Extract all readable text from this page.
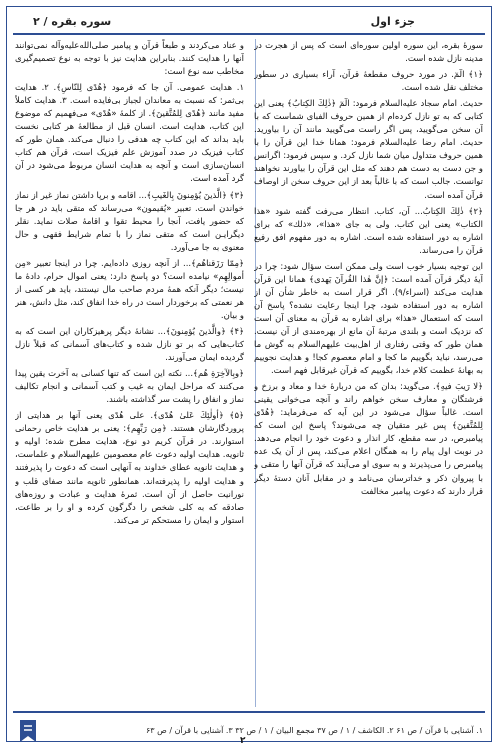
جزء اول
سوره بقره / ۲

سورهٔ بقره، این سوره اولین سوره‌ای است که پس از هجرت در مدینه نازل شده است.

﴿۱﴾ الٓمٓ. در مورد حروف مقطعهٔ قرآن، آراء بسیاری در سطور مختلف نقل شده است.

حدیث. امام سجاد علیه‌السلام فرمود: الٓمٓ ﴿ذٰلِكَ الكِتابُ﴾ یعنی این کتابی که به تو نازل کرده‌ام از همین حروف الفبای شماست که با آن سخن می‌گویید، پس اگر راست می‌گویید مانند آن را بیاورید. حدیث. امام رضا علیه‌السلام فرمود: همانا خدا این قرآن را با همین حروف متداول میان شما نازل کرد. و سپس فرمود: اگرانس و جن دست به دست هم دهند که مثل این قرآن را بیاورند نخواهند توانست. جالب است که با غالباً بعد از این حروف سخن از اوصاف قرآن آمده است.

﴿۲﴾ ذٰلِكَ الكِتابُ... آن، کتاب. انتظار می‌رفت گفته شود «هذا الکتاب» یعنی این کتاب. ولی به جای «هذا»، «ذلك» که برای اشاره به دور استفاده شده است. اشاره به دور مفهوم افق رفیع قرآن را می‌رساند.

این توجیه بسیار خوب است ولی ممکن است سؤال شود: چرا در آیهٔ دیگر قرآن آمده است: ﴿إنَّ هٰذا القُرآنَ یَهدی﴾ همانا این قرآن هدایت می‌کند (اسراء/۹). اگر قرار است به خاطر شأن آن از اشاره به دور استفاده شود، چرا اینجا رعایت نشده؟ پاسخ آن است که استعمال «هذا» برای اشاره به قرآن به معنای آن است که نزدیک است و بلندی مرتبهٔ آن مانع از بهره‌مندی از آن نیست. همان طور که وقتی رفتاری از اهل‌بیت علیهم‌السلام به گوش ما می‌رسد، نباید بگوییم ما کجا و امام معصوم کجا! و هدایت نجوییم به بهانهٔ عظمت کلام خدا، بگوییم که قرآن غیرقابل فهم است.

﴿لا رَیبَ فیهِ﴾. می‌گوید: بدان که من دربارهٔ خدا و معاد و برزخ و فرشتگان و معارف سخن خواهم راند و آنچه می‌خوانی یقینی است. غالباً سؤال می‌شود در این آیه که می‌فرماید: ﴿هُدًی لِلمُتَّقینَ﴾ پس غیر متقیان چه می‌شوند؟ پاسخ این است که پیامبرص، در سه مقطع، کار انذار و دعوت خود را انجام می‌دهد. در نوبت اول پیام را به همگان اعلام می‌کند، پس از آن یک عده پیامبرص را می‌پذیرند و به سوی او می‌آیند که قرآن آنها را متقی و با پیروان ذکر و خداترسان می‌نامد و در مقابل آنان دستهٔ دیگر قرار دارند که دعوت پیامبر مخالفت

و عناد می‌کردند و طبعاً قرآن و پیامبر صلی‌الله‌علیه‌وآله نمی‌توانند آنها را هدایت کنند. بنابراین هدایت نیز با توجه به نوع تصمیم‌گیری مخاطب سه نوع است:

۱. هدایت عمومی. آن جا که فرمود ﴿هُدًی لِلنّاسِ﴾. ۲. هدایت بی‌ثمر: که نسبت به معاندان لجباز بی‌فایده است. ۳. هدایت کاملاً مفید مانند ﴿هُدًی لِلمُتَّقینَ﴾. از کلمهٔ «هُدًی» می‌فهمیم که موضوع این کتاب، هدایت است. انسان قبل از مطالعهٔ هر کتابی نخست باید بداند که این کتاب چه هدفی را دنبال می‌کند. همان طور که کتاب فیزیک در صدد آموزش علم فیزیک است، قرآن هم کتاب انسان‌سازی است و آنچه به هدایت انسان مربوط می‌شود در آن گرد آمده است.

﴿۳﴾ ﴿الَّذینَ یُؤمِنونَ بِالغَیبِ﴾... اقامه و برپا داشتن نماز غیر از نماز خواندن است. تعبیر «یُقیمون» می‌رساند که متقی باید در هر جا که حضور یافت، آنجا را محیط تقوا و اقامهٔ صلات نماید. نقلر دیگرایـن است که متقی نماز را با تمام شرایط فقهی و حال معنوی به جا می‌آورد.

﴿مِمّا رَزَقناهُم﴾... از آنچه روزی داده‌ایم. چرا در اینجا تعبیر «مِن أموالِهِم» نیامده است؟ دو پاسخ دارد: یعنی اموال حرام، دادهٔ ما نیست؛ دیگر آنکه همهٔ مردم صاحب مال نیستند، باید هر کسی از هر نعمتی که برخوردار است در راه خدا انفاق کند، مثل دانش، هنر و بیان.

﴿۴﴾ ﴿والَّذینَ یُؤمِنونَ﴾... نشانهٔ دیگر پرهیزکاران این است که به کتاب‌هایی که بر تو نازل شده و کتاب‌های آسمانی که قبلاً نازل گردیده ایمان می‌آورند.

﴿وبِالآخِرَةِ هُم﴾... نکته این است که تنها کسانی به آخرت یقین پیدا می‌کنند که مراحل ایمان به غیب و کتب آسمانی و انجام تکالیف نماز و انفاق را پشت سر گذاشته باشند.

﴿۵﴾ ﴿أولٰئِكَ عَلیٰ هُدًی﴾. علی هُدًی یعنی آنها بر هدایتی از پروردگارشان هستند. ﴿مِن رَبِّهِم﴾: یعنی بر هدایت خاص رحمانی استوارند. در قرآن کریم دو نوع، هدایت مطرح شده: اولیه و ثانویه. هدایت اولیه دعوت عام معصومین علیهم‌السلام و علماست، و هدایت ثانویه عطای خداوند به آنهایی است که دعوت را پذیرفتند و هدایت اولیه را پذیرفته‌اند. همانطور ثانویه مانند صفای قلب و نورانیت حاصل از آن است. ثمرهٔ هدایت و عبادت و روزه‌های صادقه که به کلی شخص را دگرگون کرده و او را بر طاعت، استوار و ایمان را مستحکم تر می‌کند.

۱. آشنایی با قرآن / ص ۶۱ ۲. الکاشف / ۱ / ص ۳۷ مجمع البیان / ۱ / ص ۳۲ ۳. آشنایی با قرآن / ص ۶۳
۲
